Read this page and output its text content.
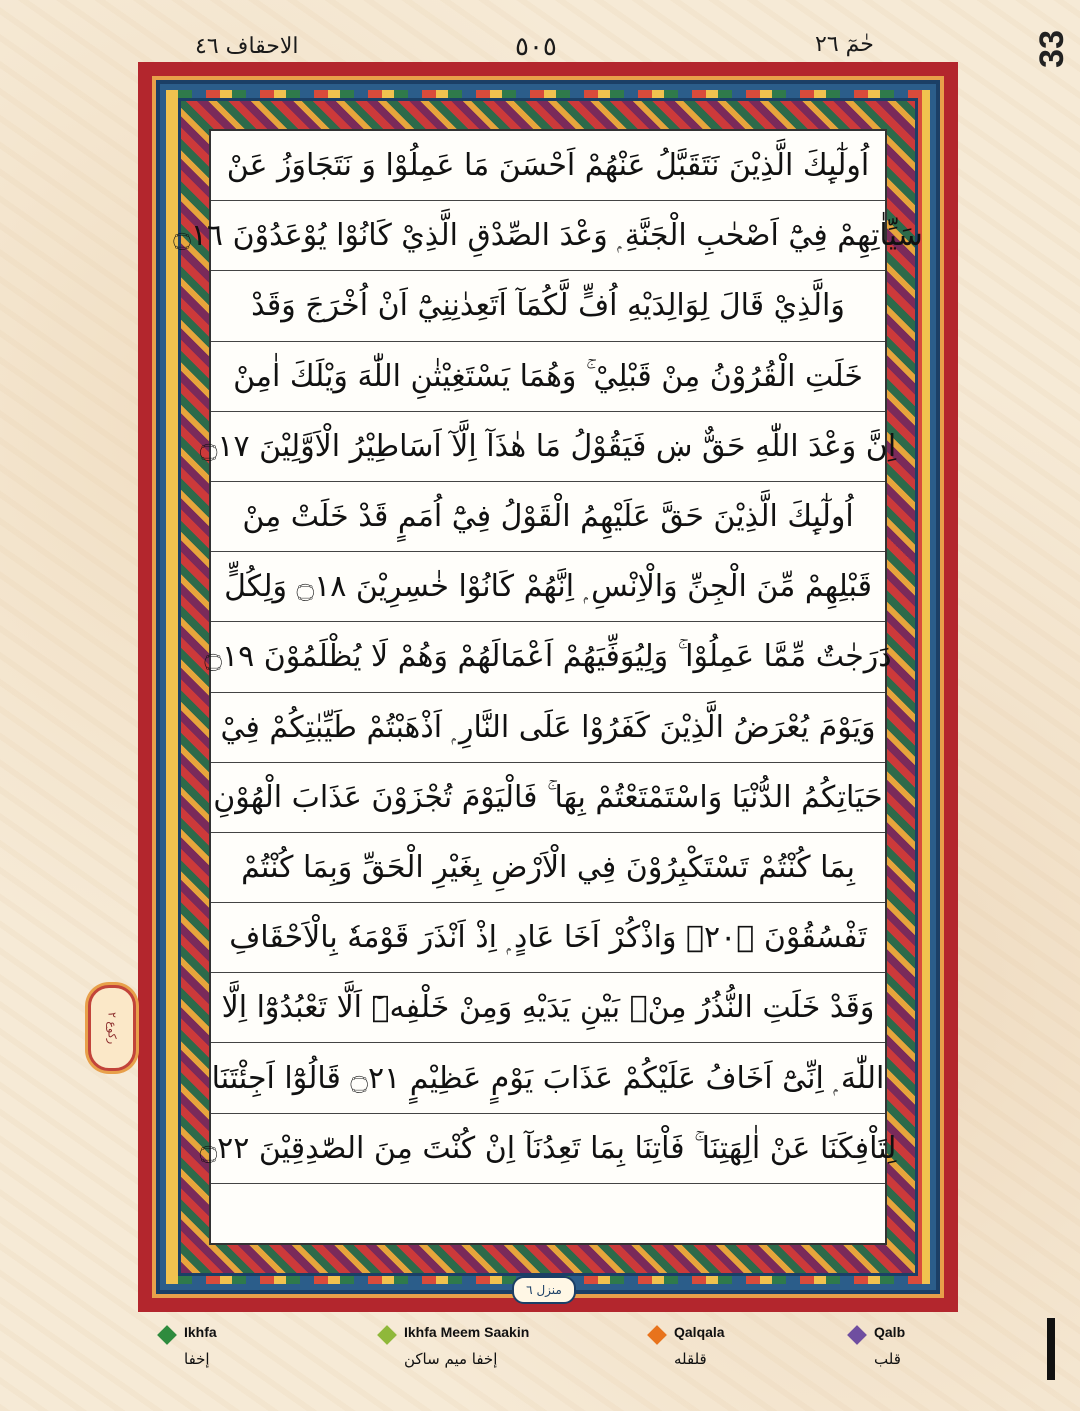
الاحقاف ٤٦	٥٠٥	حٰمٓ ٢٦	33
اُولٰٓىِٕكَ الَّذِيْنَ نَتَقَبَّلُ عَنْهُمْ اَحْسَنَ مَا عَمِلُوْا وَ نَتَجَاوَزُ عَنْ
سَيِّاٰتِهِمْ فِيْٓ اَصْحٰبِ الْجَنَّةِ ۭ وَعْدَ الصِّدْقِ الَّذِيْ كَانُوْا يُوْعَدُوْنَ ۝١٦
وَالَّذِيْ قَالَ لِوَالِدَيْهِ اُفٍّ لَّكُمَآ اَتَعِدٰنِنِيْٓ اَنْ اُخْرَجَ وَقَدْ
خَلَتِ الْقُرُوْنُ مِنْ قَبْلِيْ ۚ وَهُمَا يَسْتَغِيْثٰنِ اللّٰهَ وَيْلَكَ اٰمِنْ
اِنَّ وَعْدَ اللّٰهِ حَقٌّ ښ فَيَقُوْلُ مَا هٰذَآ اِلَّآ اَسَاطِيْرُ الْاَوَّلِيْنَ ۝١٧
اُولٰٓىِٕكَ الَّذِيْنَ حَقَّ عَلَيْهِمُ الْقَوْلُ فِيْٓ اُمَمٍ قَدْ خَلَتْ مِنْ
قَبْلِهِمْ مِّنَ الْجِنِّ وَالْاِنْسِ ۭ اِنَّهُمْ كَانُوْا خٰسِرِيْنَ ۝١٨ وَلِكُلٍّ
دَرَجٰتٌ مِّمَّا عَمِلُوْا ۚ وَلِيُوَفِّيَهُمْ اَعْمَالَهُمْ وَهُمْ لَا يُظْلَمُوْنَ ۝١٩
وَيَوْمَ يُعْرَضُ الَّذِيْنَ كَفَرُوْا عَلَى النَّارِ ۭ اَذْهَبْتُمْ طَيِّبٰتِكُمْ فِيْ
حَيَاتِكُمُ الدُّنْيَا وَاسْتَمْتَعْتُمْ بِهَا ۚ فَالْيَوْمَ تُجْزَوْنَ عَذَابَ الْهُوْنِ
بِمَا كُنْتُمْ تَسْتَكْبِرُوْنَ فِي الْاَرْضِ بِغَيْرِ الْحَقِّ وَبِمَا كُنْتُمْ
تَفْسُقُوْنَ ۝٢٠ۧ وَاذْكُرْ اَخَا عَادٍ ۭ اِذْ اَنْذَرَ قَوْمَهٗ بِالْاَحْقَافِ
وَقَدْ خَلَتِ النُّذُرُ مِنْۢ بَيْنِ يَدَيْهِ وَمِنْ خَلْفِهٖٓ اَلَّا تَعْبُدُوْٓا اِلَّا
اللّٰهَ ۭ اِنِّىْٓ اَخَافُ عَلَيْكُمْ عَذَابَ يَوْمٍ عَظِيْمٍ ۝٢١ قَالُوْٓا اَجِئْتَنَا
لِتَاْفِكَنَا عَنْ اٰلِهَتِنَا ۚ فَاْتِنَا بِمَا تَعِدُنَآ اِنْ كُنْتَ مِنَ الصّٰدِقِيْنَ ۝٢٢
ركوع ٢
منزل ٦
Ikhfa
إخفا
Ikhfa Meem Saakin
إخفا ميم ساكن
Qalqala
قلقله
Qalb
قلب
